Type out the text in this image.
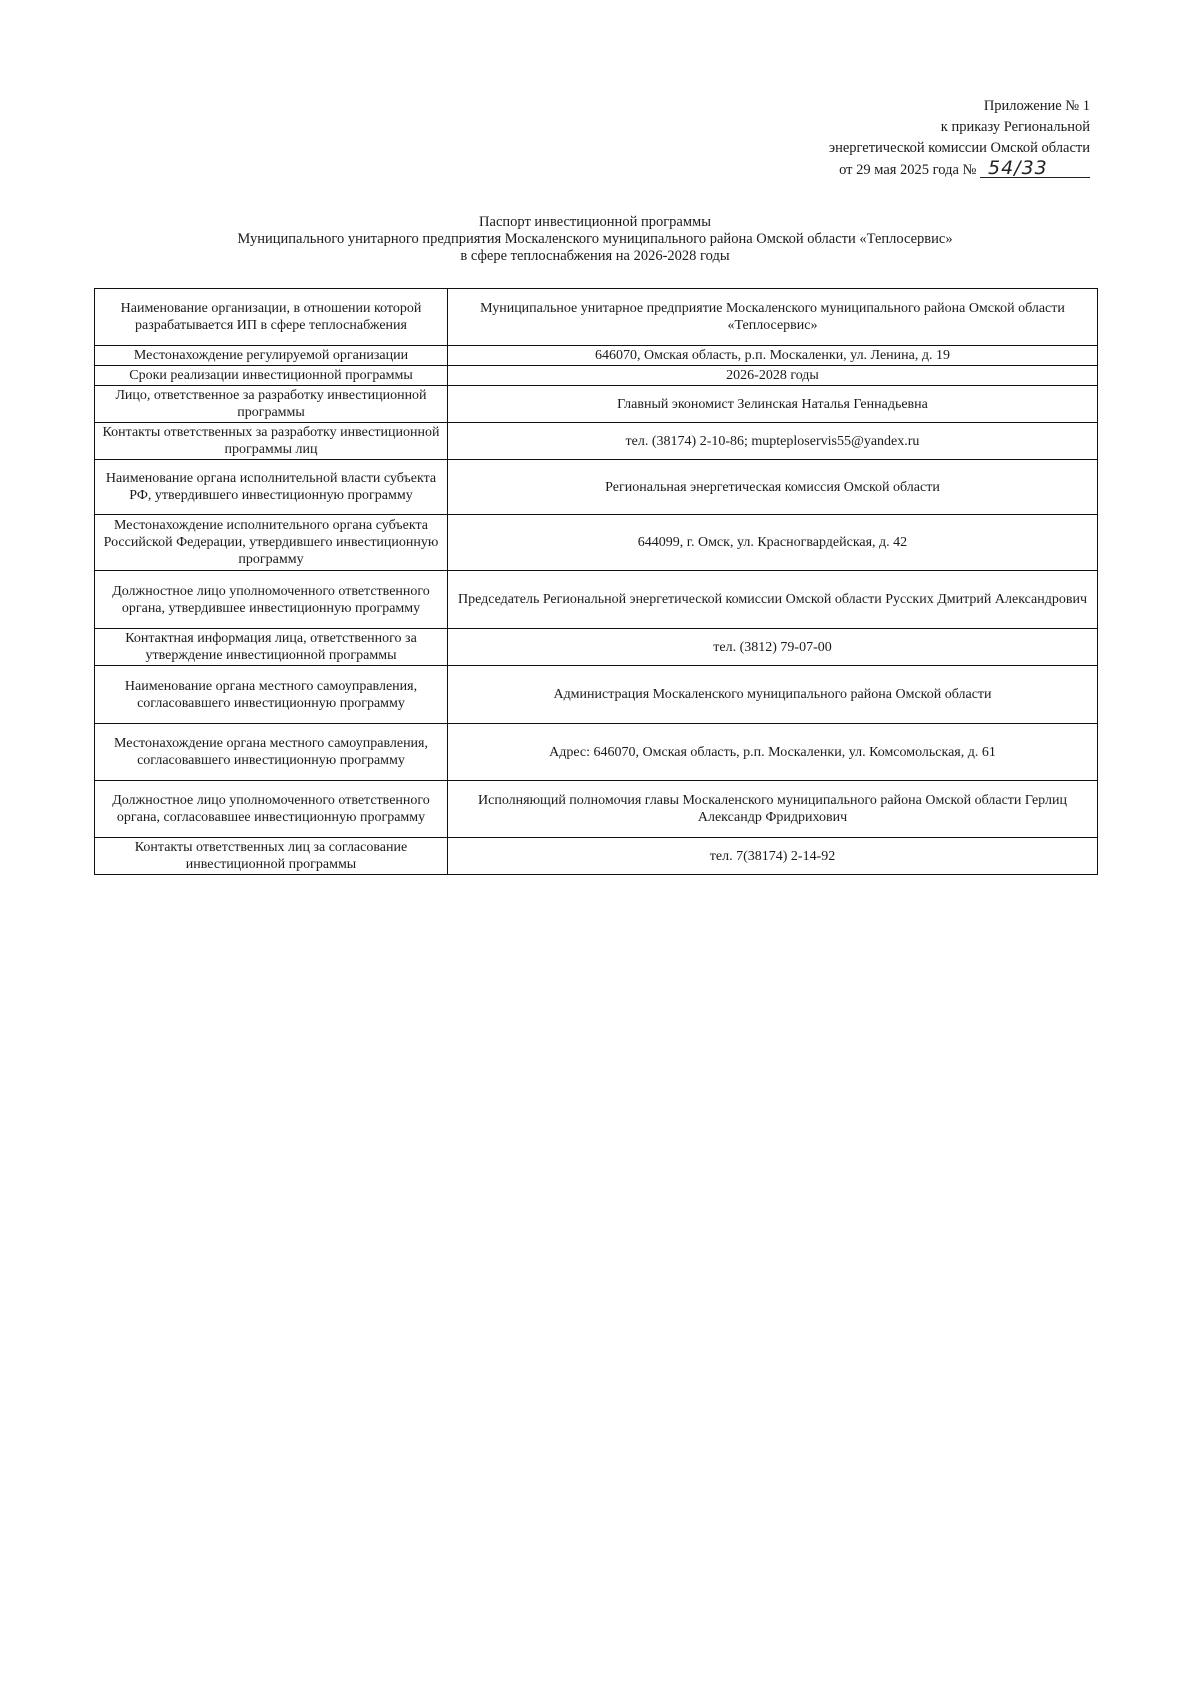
Приложение № 1
к приказу Региональной
энергетической комиссии Омской области
от 29 мая 2025 года № 54/33
Паспорт инвестиционной программы
Муниципального унитарного предприятия Москаленского муниципального района Омской области «Теплосервис»
в сфере теплоснабжения на 2026-2028 годы
Наименование организации, в отношении которой разрабатывается ИП в сфере теплоснабжения	Муниципальное унитарное предприятие Москаленского муниципального района Омской области «Теплосервис»
Местонахождение регулируемой организации	646070, Омская область, р.п. Москаленки, ул. Ленина, д. 19
Сроки реализации инвестиционной программы	2026-2028 годы
Лицо, ответственное за разработку инвестиционной программы	Главный экономист Зелинская Наталья Геннадьевна
Контакты ответственных за разработку инвестиционной программы лиц	тел. (38174) 2-10-86; mupteploservis55@yandex.ru
Наименование органа исполнительной власти субъекта РФ, утвердившего инвестиционную программу	Региональная энергетическая комиссия Омской области
Местонахождение исполнительного органа субъекта Российской Федерации, утвердившего инвестиционную программу	644099, г. Омск, ул. Красногвардейская, д. 42
Должностное лицо уполномоченного ответственного органа, утвердившее инвестиционную программу	Председатель Региональной энергетической комиссии Омской области Русских Дмитрий Александрович
Контактная информация лица, ответственного за утверждение инвестиционной программы	тел. (3812) 79-07-00
Наименование органа местного самоуправления, согласовавшего инвестиционную программу	Администрация Москаленского муниципального района Омской области
Местонахождение органа местного самоуправления, согласовавшего инвестиционную программу	Адрес: 646070, Омская область, р.п. Москаленки, ул. Комсомольская, д. 61
Должностное лицо уполномоченного ответственного органа, согласовавшее инвестиционную программу	Исполняющий полномочия главы Москаленского муниципального района Омской области Герлиц Александр Фридрихович
Контакты ответственных лиц за согласование инвестиционной программы	тел. 7(38174) 2-14-92
